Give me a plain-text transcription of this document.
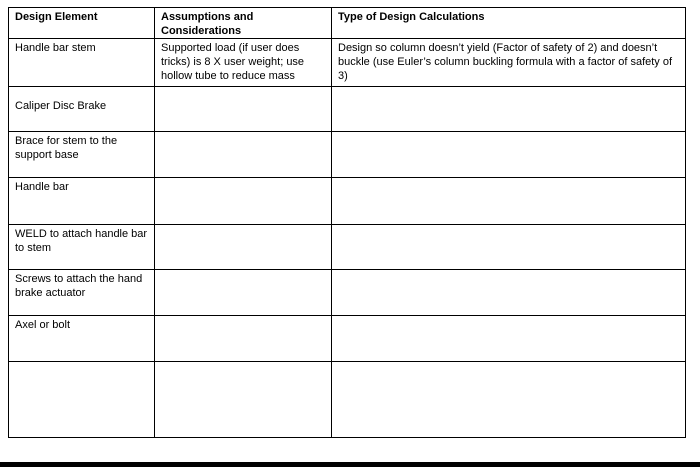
Design Element	Assumptions and Considerations	Type of Design Calculations
Handle bar stem	Supported load (if user does tricks) is 8 X user weight; use hollow tube to reduce mass	Design so column doesn’t yield (Factor of safety of 2) and doesn’t buckle (use Euler’s column buckling formula with a factor of safety of 3)
Caliper Disc Brake		
Brace for stem to the support base		
Handle bar		
WELD to attach handle bar to stem		
Screws to attach the hand brake actuator		
Axel or bolt		
